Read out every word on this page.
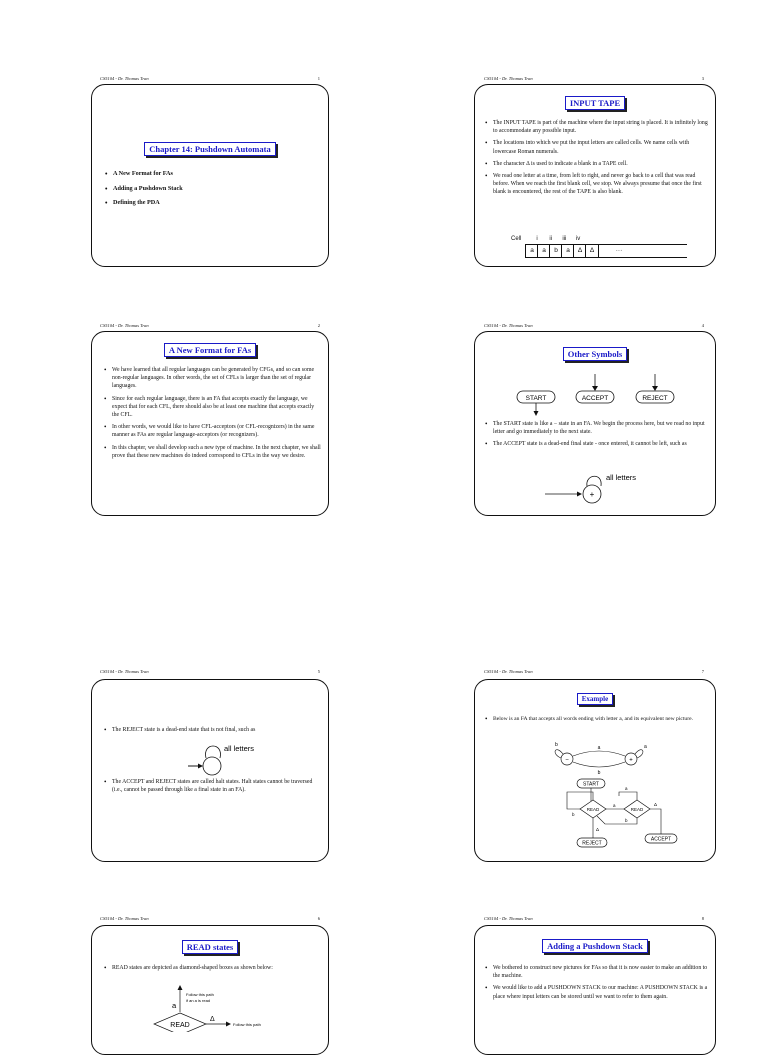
CS5104 - Dr. Thomas Tran	1
Chapter 14: Pushdown Automata
• A New Format for FAs
• Adding a Pushdown Stack
• Defining the PDA
CS5104 - Dr. Thomas Tran	3
INPUT TAPE
• The INPUT TAPE is part of the machine where the input string is placed. It is infinitely long to accommodate any possible input.
• The locations into which we put the input letters are called cells. We name cells with lowercase Roman numerals.
• The character Δ is used to indicate a blank in a TAPE cell.
• We read one letter at a time, from left to right, and never go back to a cell that was read before. When we reach the first blank cell, we stop. We always presume that once the first blank is encountered, the rest of the TAPE is also blank.
Cell	i ii iii iv
a	a	b	a	Δ	Δ	···
CS5104 - Dr. Thomas Tran	2
A New Format for FAs
• We have learned that all regular languages can be generated by CFGs, and so can some non-regular languages. In other words, the set of CFLs is larger than the set of regular languages.
• Since for each regular language, there is an FA that accepts exactly the language, we expect that for each CFL, there should also be at least one machine that accepts exactly the CFL.
• In other words, we would like to have CFL-acceptors (or CFL-recognizers) in the same manner as FAs are regular language-acceptors (or recognizers).
• In this chapter, we shall develop such a new type of machine. In the next chapter, we shall prove that these new machines do indeed correspond to CFLs in the way we desire.
CS5104 - Dr. Thomas Tran	4
Other Symbols
START	ACCEPT	REJECT
• The START state is like a − state in an FA. We begin the process here, but we read no input letter and go immediately to the next state.
• The ACCEPT state is a dead-end final state - once entered, it cannot be left, such as
+
all letters
CS5104 - Dr. Thomas Tran	5
• The REJECT state is a dead-end state that is not final, such as
all letters
• The ACCEPT and REJECT states are called halt states. Halt states cannot be traversed (i.e., cannot be passed through like a final state in an FA).
CS5104 - Dr. Thomas Tran	7
Example
• Below is an FA that accepts all words ending with letter a, and its equivalent new picture.
−	+
a
b
b	a
START
READ	READ
a
b
b
a
Δ
REJECT
Δ
ACCEPT
CS5104 - Dr. Thomas Tran	6
READ states
• READ states are depicted as diamond-shaped boxes as shown below:
a
Follow this path
if an a is read
READ
Δ
Follow this path
CS5104 - Dr. Thomas Tran	8
Adding a Pushdown Stack
• We bothered to construct new pictures for FAs so that it is now easier to make an addition to the machine.
• We would like to add a PUSHDOWN STACK to our machine: A PUSHDOWN STACK is a place where input letters can be stored until we want to refer to them again.
